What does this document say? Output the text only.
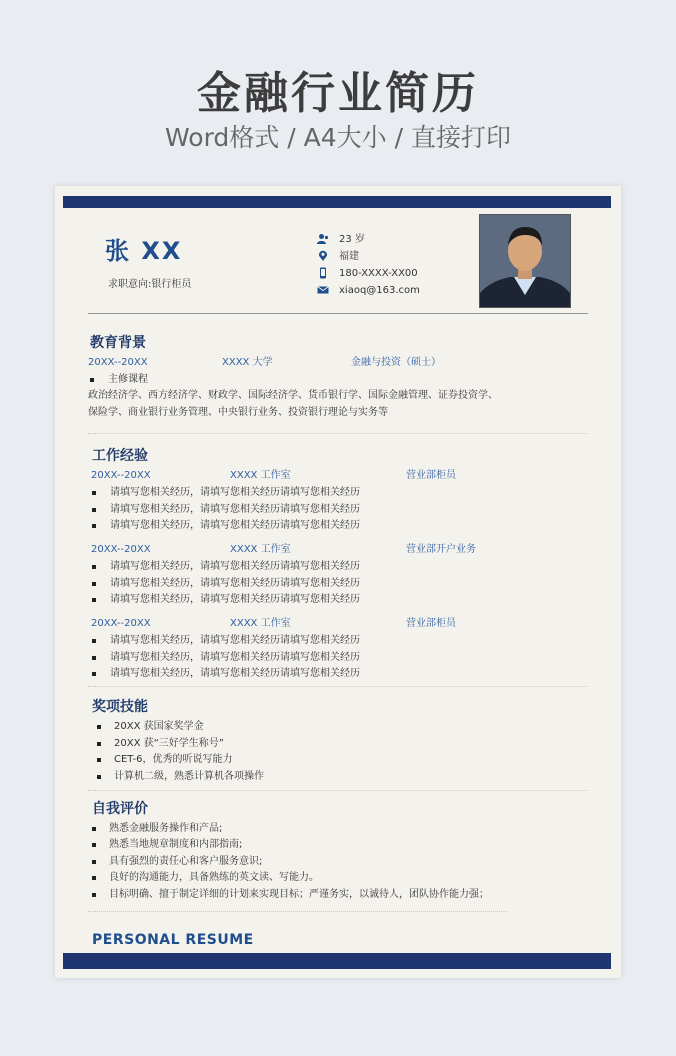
金融行业简历
Word格式 / A4大小 / 直接打印
张 XX
求职意向:银行柜员
23 岁
福建
180-XXXX-XX00
xiaoq@163.com
教育背景
20XX--20XX	XXXX 大学	金融与投资（硕士）
主修课程
政治经济学、西方经济学、财政学、国际经济学、货币银行学、国际金融管理、证券投资学、
保险学、商业银行业务管理、中央银行业务、投资银行理论与实务等
工作经验
20XX--20XX	XXXX 工作室	营业部柜员
请填写您相关经历，请填写您相关经历请填写您相关经历
请填写您相关经历，请填写您相关经历请填写您相关经历
请填写您相关经历，请填写您相关经历请填写您相关经历
20XX--20XX	XXXX 工作室	营业部开户业务
请填写您相关经历，请填写您相关经历请填写您相关经历
请填写您相关经历，请填写您相关经历请填写您相关经历
请填写您相关经历，请填写您相关经历请填写您相关经历
20XX--20XX	XXXX 工作室	营业部柜员
请填写您相关经历，请填写您相关经历请填写您相关经历
请填写您相关经历，请填写您相关经历请填写您相关经历
请填写您相关经历，请填写您相关经历请填写您相关经历
奖项技能
20XX 获国家奖学金
20XX 获“三好学生称号”
CET-6，优秀的听说写能力
计算机二级，熟悉计算机各项操作
自我评价
熟悉金融服务操作和产品;
熟悉当地规章制度和内部指南;
具有强烈的责任心和客户服务意识;
良好的沟通能力，具备熟练的英文读、写能力。
目标明确、擅于制定详细的计划来实现目标；严谨务实，以诚待人，团队协作能力强；
PERSONAL RESUME
